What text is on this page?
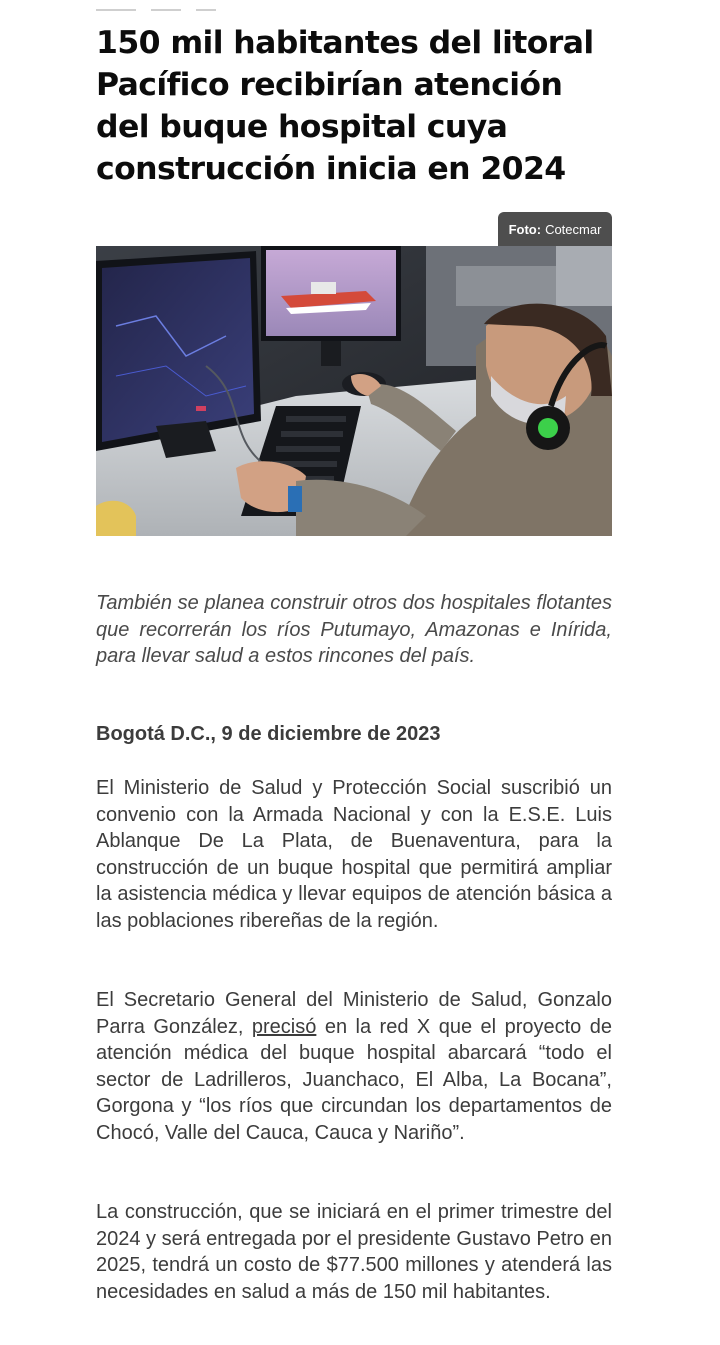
150 mil habitantes del litoral Pacífico recibirían atención del buque hospital cuya construcción inicia en 2024
Foto: Cotecmar

También se planea construir otros dos hospitales flotantes que recorrerán los ríos Putumayo, Amazonas e Inírida, para llevar salud a estos rincones del país.

Bogotá D.C., 9 de diciembre de 2023

El Ministerio de Salud y Protección Social suscribió un convenio con la Armada Nacional y con la E.S.E. Luis Ablanque De La Plata, de Buenaventura, para la construcción de un buque hospital que permitirá ampliar la asistencia médica y llevar equipos de atención básica a las poblaciones ribereñas de la región.

El Secretario General del Ministerio de Salud, Gonzalo Parra González, precisó en la red X que el proyecto de atención médica del buque hospital abarcará “todo el sector de Ladrilleros, Juanchaco, El Alba, La Bocana”, Gorgona y “los ríos que circundan los departamentos de Chocó, Valle del Cauca, Cauca y Nariño”.

La construcción, que se iniciará en el primer trimestre del 2024 y será entregada por el presidente Gustavo Petro en 2025, tendrá un costo de $77.500 millones y atenderá las necesidades en salud a más de 150 mil habitantes.
